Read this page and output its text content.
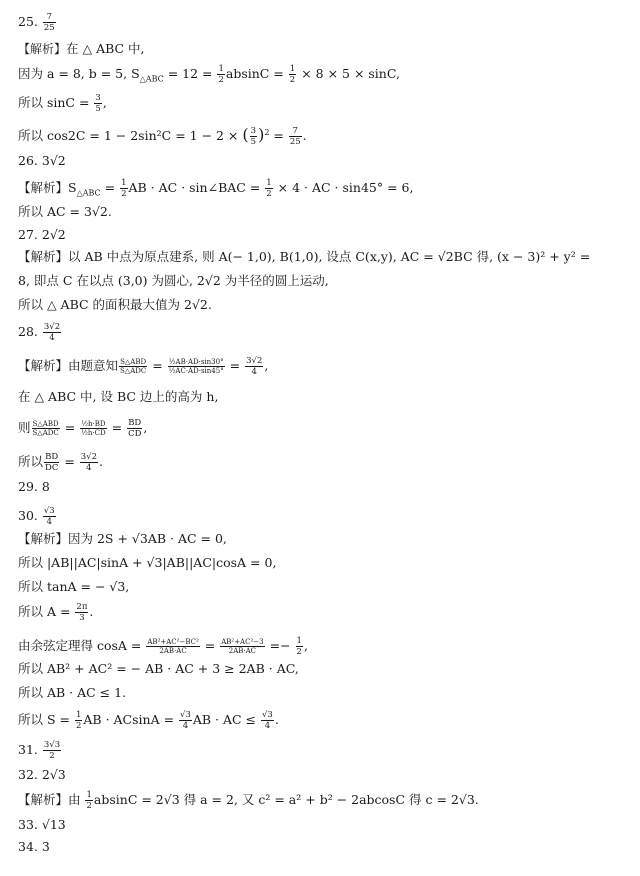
25. $\frac{7}{25}$
【解析】在 △ ABC 中,
因为 a = 8, b = 5, $S_{\triangle ABC} = 12 = \frac{1}{2}$ $absinC = \frac{1}{2} \times 8 \times 5 \times \sin C$,
所以 $\sin C = \frac{3}{5}$ ,
所以 cos2C = 1 − 2sin²C = 1 − 2 × ( $\frac{3}{5} )^2 = \frac{7}{25}$ .
26. 3√2
【解析】$S_{\triangle ABC} = \frac{1}{2}$ AB · AC · sin∠BAC = $\frac{1}{2} \times 4$ · AC · sin45° = 6,
所以 AC = 3√2.
27. 2√2
【解析】以 AB 中点为原点建系, 则 A(− 1,0), B(1,0), 设点 C(x,y), AC = √2BC 得, (x − 3)² + y² =
8, 即点 C 在以点 (3,0) 为圆心, 2√2 为半径的圆上运动,
所以 △ ABC 的面积最大值为 2√2.
28. $\frac{3√2}{4}$
【解析】由题意知 $\frac{\text{S△ABD}}{\text{S△ADC}} = \frac{\text{½AB·AD·sin30°}}{\text{½AC·AD·sin45°}} = \frac{3√2}{4}$ ,
在 △ ABC 中, 设 BC 边上的高为 h,
则 $\frac{\text{S△ABD}}{\text{S△ADC}} = \frac{\text{½h·BD}}{\text{½h·CD}} = \frac{BD}{CD}$ ,
所以 $\frac{BD}{DC} = \frac{3√2}{4}$ .
29. 8
30. $\frac{√3}{4}$
【解析】因为 2S + √3AB · AC = 0,
所以 |AB||AC|sinA + √3|AB||AC|cosA = 0,
所以 tanA = − √3,
所以 $A = \frac{2\pi}{3}$ .
由余弦定理得 $\cos A = \frac{\text{AB²+AC²−BC²}}{2AB\cdot AC} = \frac{\text{AB²+AC²−3}}{2AB\cdot AC} =- \frac{1}{2}$ ,
所以 AB² + AC² = − AB · AC + 3 ≥ 2AB · AC,
所以 AB · AC ≤ 1.
所以 $S = \frac{1}{2}$ AB · $ACsinA = \frac{√3}{4}$ AB · AC ≤ $\frac{√3}{4}$ .
31. $\frac{3√3}{2}$
32. 2√3
【解析】由 $\frac{1}{2}$ absinC = 2√3 得 a = 2, 又 c² = a² + b² − 2abcosC 得 c = 2√3.
33. √13
34. 3
